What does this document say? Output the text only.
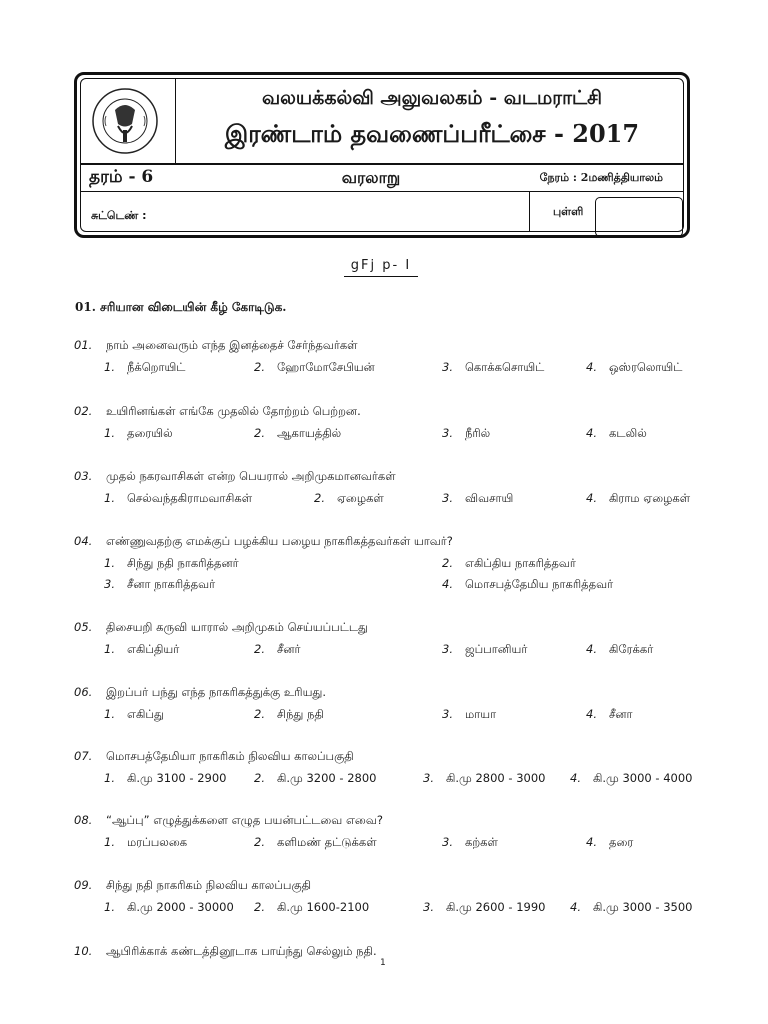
வலயக்கல்வி அலுவலகம் - வடமராட்சி
இரண்டாம் தவணைப்பரீட்சை - 2017
தரம் - 6	வரலாறு	நேரம் : 2மணித்தியாலம்
சுட்டெண் :	புள்ளி
gFj p- I
01. சரியான விடையின் கீழ் கோடிடுக.
01. நாம் அனைவரும் எந்த இனத்தைச் சேர்ந்தவர்கள்
1. நீக்றொயிட்	2. ஹோமோசேபியன்	3. கொக்கசொயிட்	4. ஒஸ்ரலொயிட்
02. உயிரினங்கள் எங்கே முதலில் தோற்றம் பெற்றன.
1. தரையில்	2. ஆகாயத்தில்	3. நீரில்	4. கடலில்
03. முதல் நகரவாசிகள் என்ற பெயரால் அறிமுகமானவர்கள்
1. செல்வந்தகிராமவாசிகள்	2. ஏழைகள்	3. விவசாயி	4. கிராம ஏழைகள்
04. எண்ணுவதற்கு எமக்குப் பழக்கிய பழைய நாகரிகத்தவர்கள் யாவர்?
1. சிந்து நதி நாகரித்தனர்	2. எகிப்திய நாகரித்தவர்
3. சீனா நாகரித்தவர்	4. மொசபத்தேமிய நாகரித்தவர்
05. திசையறி கருவி யாரால் அறிமுகம் செய்யப்பட்டது
1. எகிப்தியர்	2. சீனர்	3. ஜப்பானியர்	4. கிரேக்கர்
06. இறப்பர் பந்து எந்த நாகரிகத்துக்கு உரியது.
1. எகிப்து	2. சிந்து நதி	3. மாயா	4. சீனா
07. மொசபத்தேமியா நாகரிகம் நிலவிய காலப்பகுதி
1. கி.மு 3100 - 2900 2. கி.மு 3200 - 2800	3. கி.மு 2800 - 3000 4. கி.மு 3000 - 4000
08. “ஆப்பு” எழுத்துக்களை எழுத பயன்பட்டவை எவை?
1. மரப்பலகை	2. களிமண் தட்டுக்கள்	3. கற்கள்	4. தரை
09. சிந்து நதி நாகரிகம் நிலவிய காலப்பகுதி
1. கி.மு 2000 - 30000 2. கி.மு 1600-2100	3. கி.மு 2600 - 1990 4. கி.மு 3000 - 3500
10. ஆபிரிக்காக் கண்டத்தினூடாக பாய்ந்து செல்லும் நதி.
1
